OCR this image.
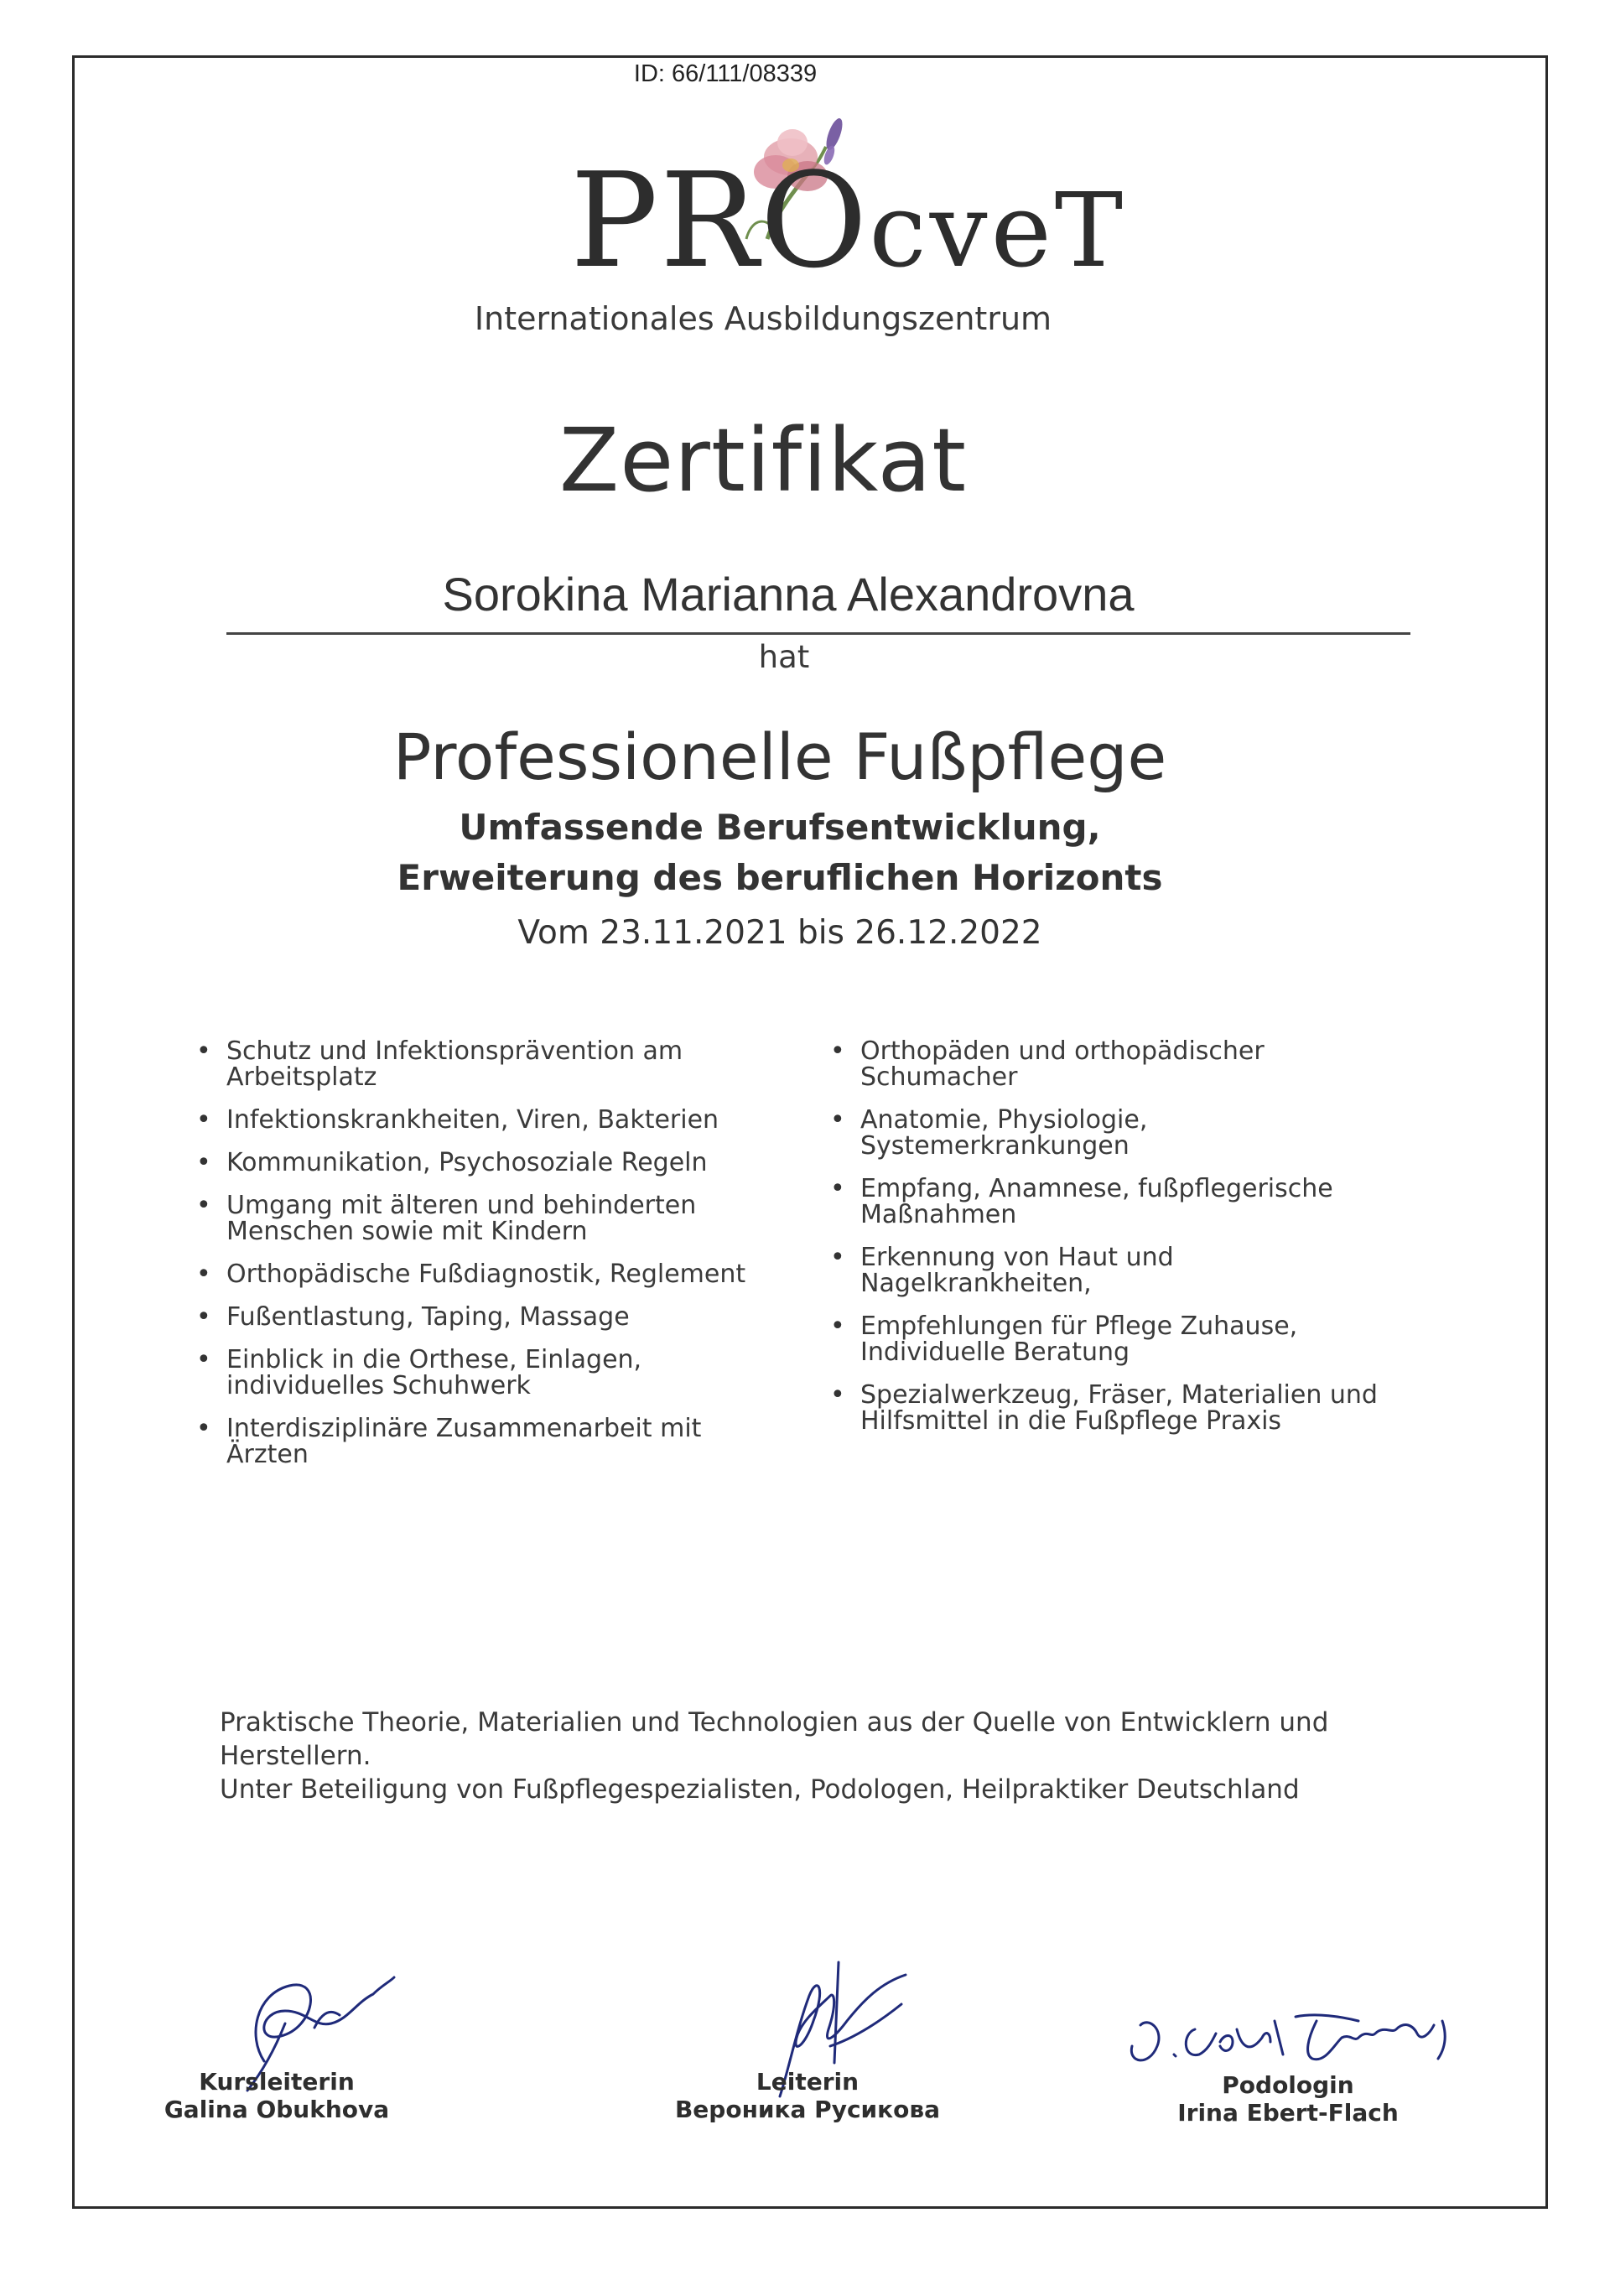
ID: 66/111/08339
PROcveT
Internationales Ausbildungszentrum
Zertifikat
Sorokina Marianna Alexandrovna
hat
Professionelle Fußpflege
Umfassende Berufsentwicklung,
Erweiterung des beruflichen Horizonts
Vom 23.11.2021 bis 26.12.2022
• Schutz und Infektionsprävention am
Arbeitsplatz
• Infektionskrankheiten, Viren, Bakterien
• Kommunikation, Psychosoziale Regeln
• Umgang mit älteren und behinderten
Menschen sowie mit Kindern
• Orthopädische Fußdiagnostik, Reglement
• Fußentlastung, Taping, Massage
• Einblick in die Orthese, Einlagen,
individuelles Schuhwerk
• Interdisziplinäre Zusammenarbeit mit
Ärzten
• Orthopäden und orthopädischer
Schumacher
• Anatomie, Physiologie,
Systemerkrankungen
• Empfang, Anamnese, fußpflegerische
Maßnahmen
• Erkennung von Haut und
Nagelkrankheiten,
• Empfehlungen für Pflege Zuhause,
Individuelle Beratung
• Spezialwerkzeug, Fräser, Materialien und
Hilfsmittel in die Fußpflege Praxis
Praktische Theorie, Materialien und Technologien aus der Quelle von Entwicklern und
Herstellern.
Unter Beteiligung von Fußpflegespezialisten, Podologen, Heilpraktiker Deutschland
Kursleiterin
Galina Obukhova
Leiterin
Вероника Русикова
Podologin
Irina Ebert-Flach
